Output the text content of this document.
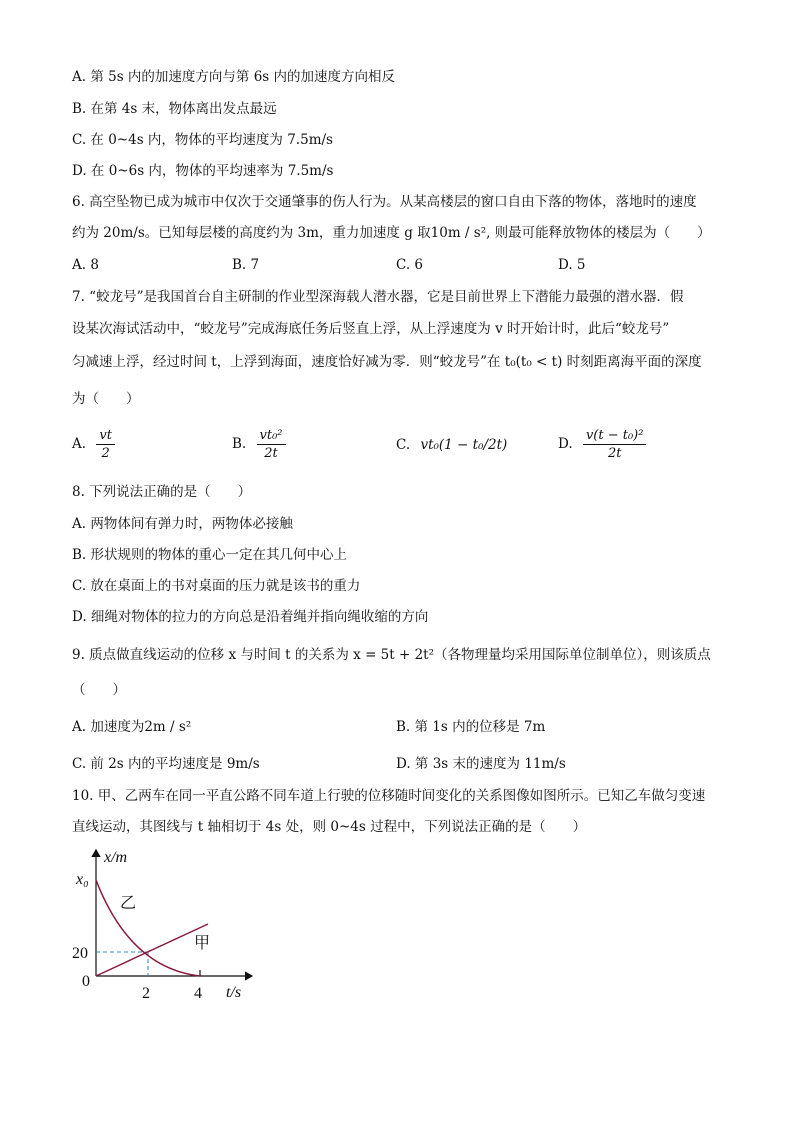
A. 第 5s 内的加速度方向与第 6s 内的加速度方向相反
B. 在第 4s 末，物体离出发点最远
C. 在 0~4s 内，物体的平均速度为 7.5m/s
D. 在 0~6s 内，物体的平均速率为 7.5m/s
6. 高空坠物已成为城市中仅次于交通肇事的伤人行为。从某高楼层的窗口自由下落的物体，落地时的速度
约为 20m/s。已知每层楼的高度约为 3m，重力加速度 g 取10m / s², 则最可能释放物体的楼层为（　　）
A. 8	B. 7	C. 6	D. 5
7. “蛟龙号”是我国首台自主研制的作业型深海载人潜水器，它是目前世界上下潜能力最强的潜水器．假
设某次海试活动中，“蛟龙号”完成海底任务后竖直上浮，从上浮速度为 v 时开始计时，此后“蛟龙号”
匀减速上浮，经过时间 t，上浮到海面，速度恰好减为零．则“蛟龙号”在 t₀(t₀ < t) 时刻距离海平面的深度
为（　　）
A. $\frac{vt}{2}$	B. $\frac{\text{vt₀²}}{2t}$	C. vt₀(1 − t₀/2t)	D. $\frac{\text{v(t − t₀)²}}{2t}$
8. 下列说法正确的是（　　）
A. 两物体间有弹力时，两物体必接触
B. 形状规则的物体的重心一定在其几何中心上
C. 放在桌面上的书对桌面的压力就是该书的重力
D. 细绳对物体的拉力的方向总是沿着绳并指向绳收缩的方向
9. 质点做直线运动的位移 x 与时间 t 的关系为 x = 5t + 2t²（各物理量均采用国际单位制单位），则该质点
（　　）
A. 加速度为2m / s²	B. 第 1s 内的位移是 7m
C. 前 2s 内的平均速度是 9m/s	D. 第 3s 末的速度为 11m/s
10. 甲、乙两车在同一平直公路不同车道上行驶的位移随时间变化的关系图像如图所示。已知乙车做匀变速
直线运动，其图线与 t 轴相切于 4s 处，则 0~4s 过程中，下列说法正确的是（　　）
x/m
x₀
20
0
2	4 t/s
乙
甲
